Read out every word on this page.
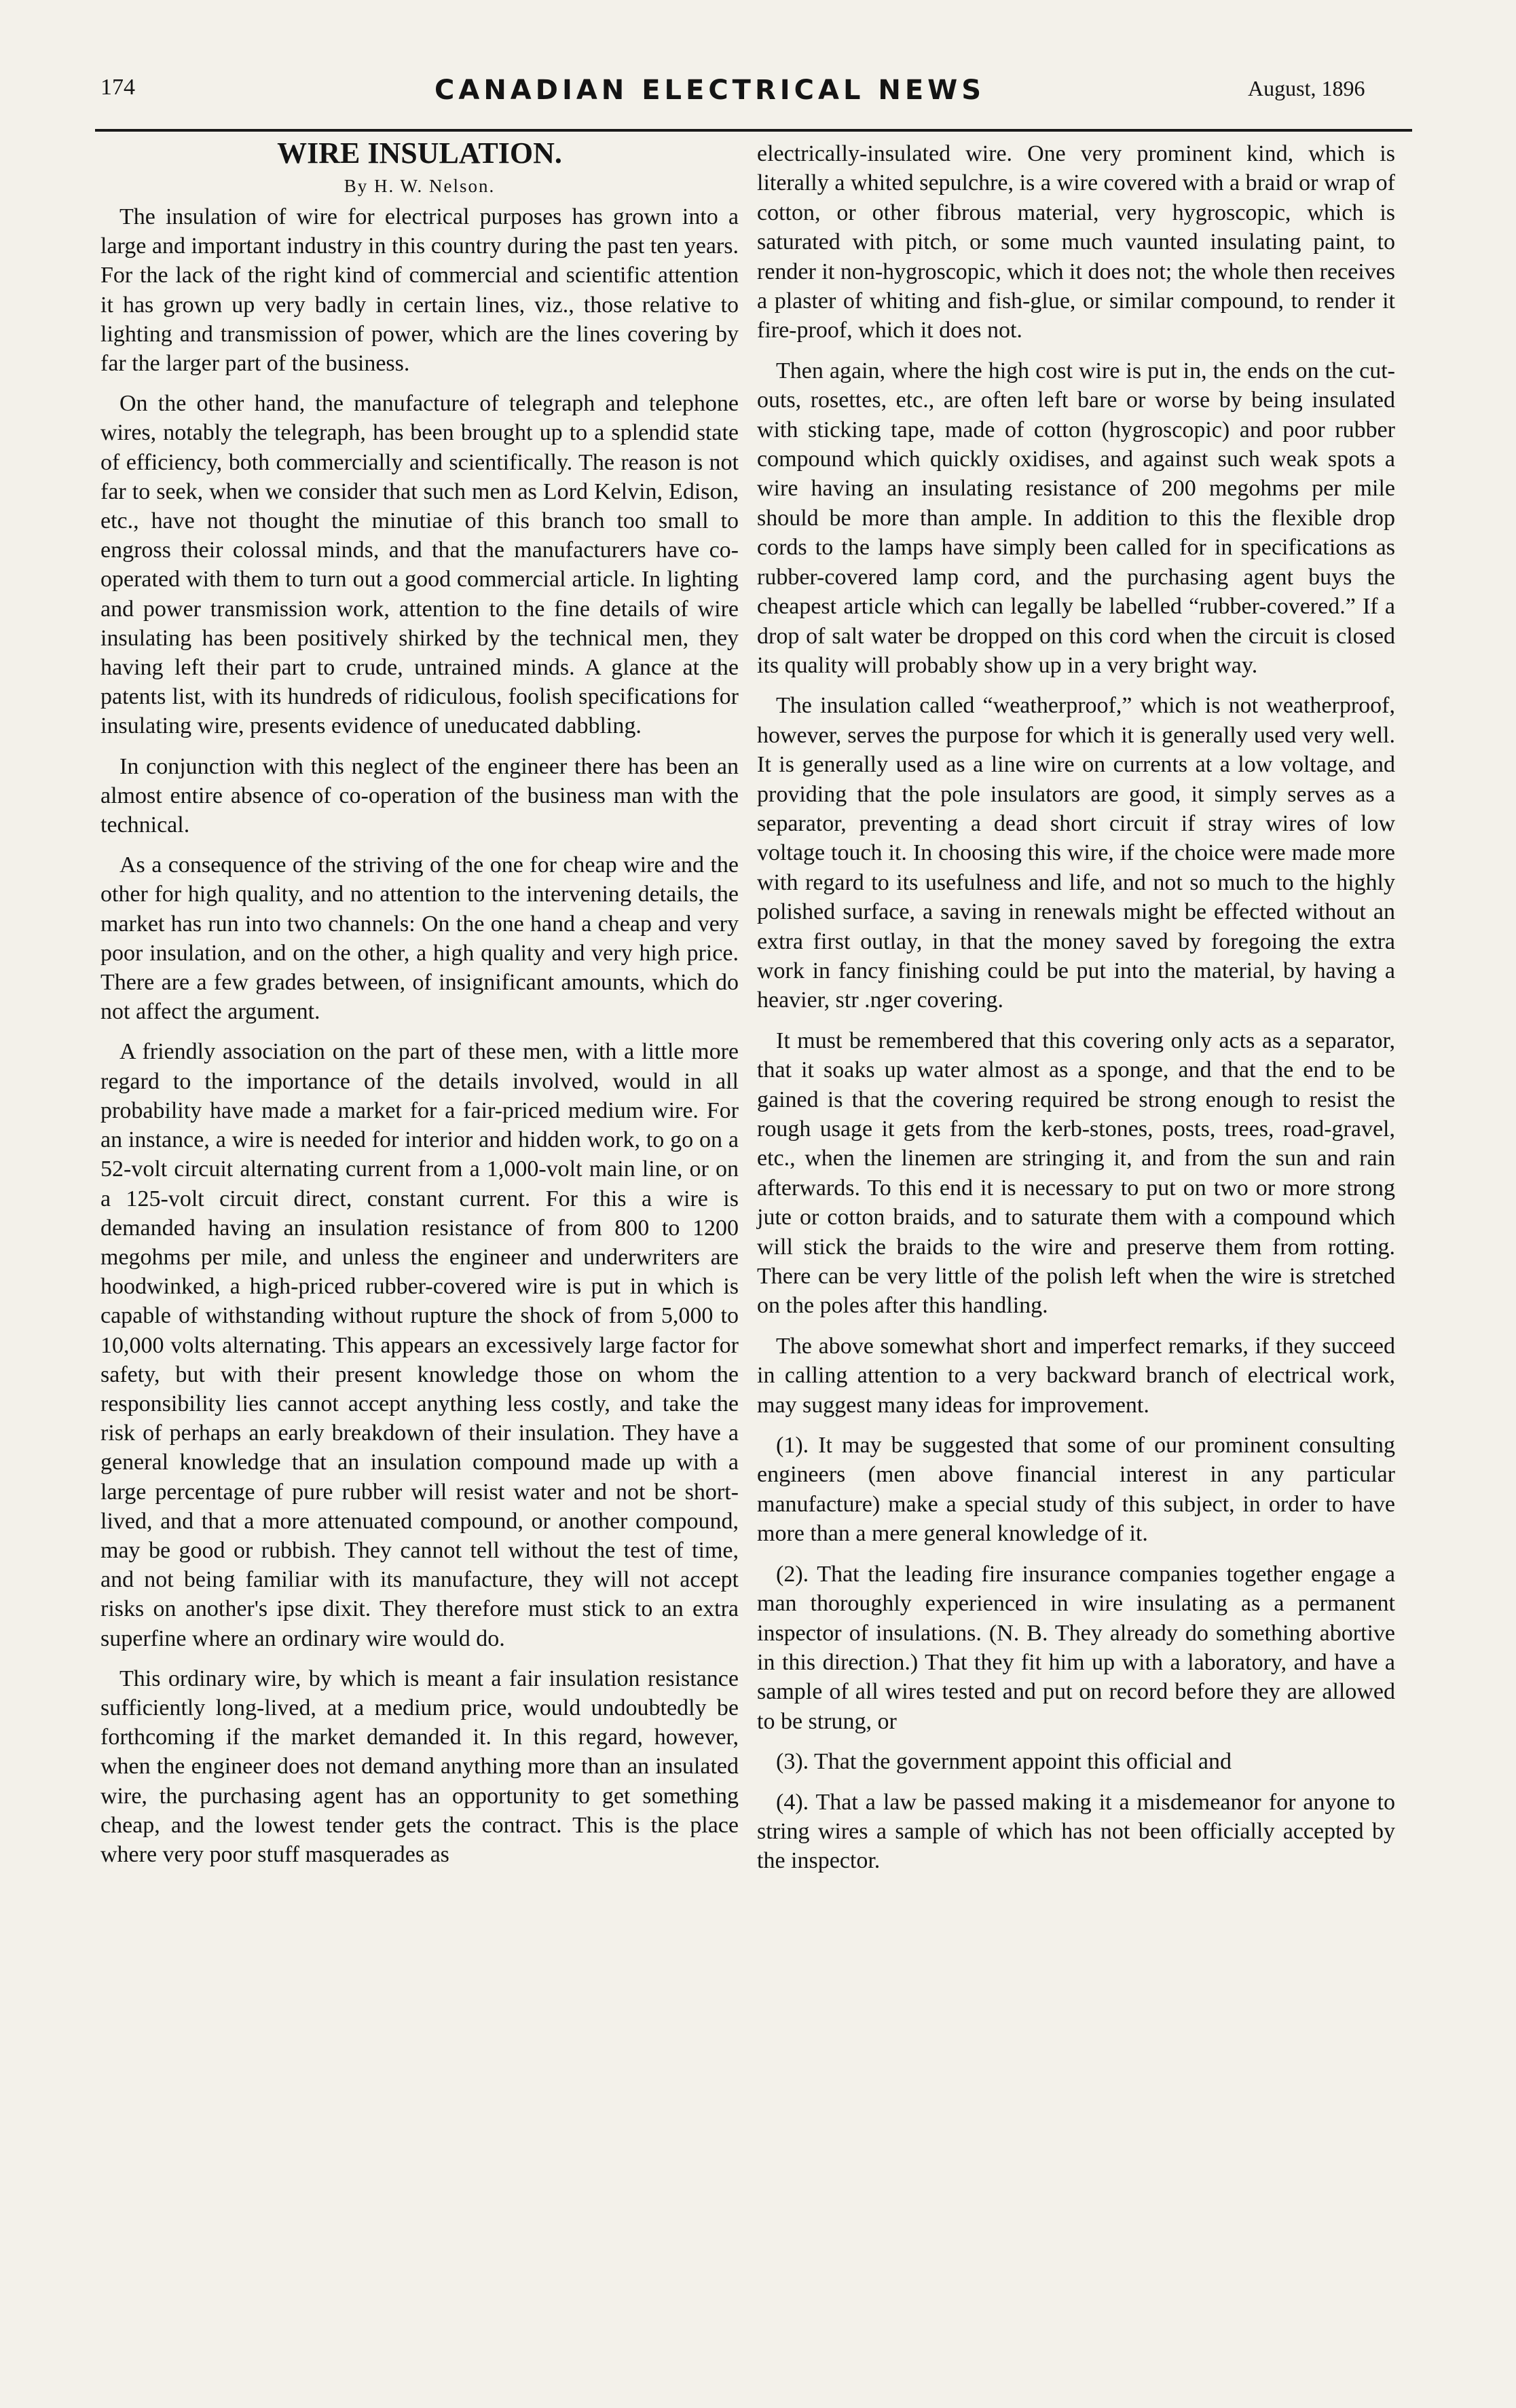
174	CANADIAN ELECTRICAL NEWS	August, 1896
WIRE INSULATION.
By H. W. Nelson.

The insulation of wire for electrical purposes has grown into a large and important industry in this country during the past ten years. For the lack of the right kind of commercial and scientific attention it has grown up very badly in certain lines, viz., those relative to lighting and transmission of power, which are the lines covering by far the larger part of the business.

On the other hand, the manufacture of telegraph and telephone wires, notably the telegraph, has been brought up to a splendid state of efficiency, both commercially and scientifically. The reason is not far to seek, when we consider that such men as Lord Kelvin, Edison, etc., have not thought the minutiae of this branch too small to engross their colossal minds, and that the manufacturers have co-operated with them to turn out a good commercial article. In lighting and power transmission work, attention to the fine details of wire insulating has been positively shirked by the technical men, they having left their part to crude, untrained minds. A glance at the patents list, with its hundreds of ridiculous, foolish specifications for insulating wire, presents evidence of uneducated dabbling.

In conjunction with this neglect of the engineer there has been an almost entire absence of co-operation of the business man with the technical.

As a consequence of the striving of the one for cheap wire and the other for high quality, and no attention to the intervening details, the market has run into two channels: On the one hand a cheap and very poor insulation, and on the other, a high quality and very high price. There are a few grades between, of insignificant amounts, which do not affect the argument.

A friendly association on the part of these men, with a little more regard to the importance of the details involved, would in all probability have made a market for a fair-priced medium wire. For an instance, a wire is needed for interior and hidden work, to go on a 52-volt circuit alternating current from a 1,000-volt main line, or on a 125-volt circuit direct, constant current. For this a wire is demanded having an insulation resistance of from 800 to 1200 megohms per mile, and unless the engineer and underwriters are hoodwinked, a high-priced rubber-covered wire is put in which is capable of withstanding without rupture the shock of from 5,000 to 10,000 volts alternating. This appears an excessively large factor for safety, but with their present knowledge those on whom the responsibility lies cannot accept anything less costly, and take the risk of perhaps an early breakdown of their insulation. They have a general knowledge that an insulation compound made up with a large percentage of pure rubber will resist water and not be short-lived, and that a more attenuated compound, or another compound, may be good or rubbish. They cannot tell without the test of time, and not being familiar with its manufacture, they will not accept risks on another's ipse dixit. They therefore must stick to an extra superfine where an ordinary wire would do.

This ordinary wire, by which is meant a fair insulation resistance sufficiently long-lived, at a medium price, would undoubtedly be forthcoming if the market demanded it. In this regard, however, when the engineer does not demand anything more than an insulated wire, the purchasing agent has an opportunity to get something cheap, and the lowest tender gets the contract. This is the place where very poor stuff masquerades as

electrically-insulated wire. One very prominent kind, which is literally a whited sepulchre, is a wire covered with a braid or wrap of cotton, or other fibrous material, very hygroscopic, which is saturated with pitch, or some much vaunted insulating paint, to render it non-hygroscopic, which it does not; the whole then receives a plaster of whiting and fish-glue, or similar compound, to render it fire-proof, which it does not.

Then again, where the high cost wire is put in, the ends on the cut-outs, rosettes, etc., are often left bare or worse by being insulated with sticking tape, made of cotton (hygroscopic) and poor rubber compound which quickly oxidises, and against such weak spots a wire having an insulating resistance of 200 megohms per mile should be more than ample. In addition to this the flexible drop cords to the lamps have simply been called for in specifications as rubber-covered lamp cord, and the purchasing agent buys the cheapest article which can legally be labelled “rubber-covered.” If a drop of salt water be dropped on this cord when the circuit is closed its quality will probably show up in a very bright way.

The insulation called “weatherproof,” which is not weatherproof, however, serves the purpose for which it is generally used very well. It is generally used as a line wire on currents at a low voltage, and providing that the pole insulators are good, it simply serves as a separator, preventing a dead short circuit if stray wires of low voltage touch it. In choosing this wire, if the choice were made more with regard to its usefulness and life, and not so much to the highly polished surface, a saving in renewals might be effected without an extra first outlay, in that the money saved by foregoing the extra work in fancy finishing could be put into the material, by having a heavier, str .nger covering.

It must be remembered that this covering only acts as a separator, that it soaks up water almost as a sponge, and that the end to be gained is that the covering required be strong enough to resist the rough usage it gets from the kerb-stones, posts, trees, road-gravel, etc., when the linemen are stringing it, and from the sun and rain afterwards. To this end it is necessary to put on two or more strong jute or cotton braids, and to saturate them with a compound which will stick the braids to the wire and preserve them from rotting. There can be very little of the polish left when the wire is stretched on the poles after this handling.

The above somewhat short and imperfect remarks, if they succeed in calling attention to a very backward branch of electrical work, may suggest many ideas for improvement.

(1). It may be suggested that some of our prominent consulting engineers (men above financial interest in any particular manufacture) make a special study of this subject, in order to have more than a mere general knowledge of it.

(2). That the leading fire insurance companies together engage a man thoroughly experienced in wire insulating as a permanent inspector of insulations. (N. B. They already do something abortive in this direction.) That they fit him up with a laboratory, and have a sample of all wires tested and put on record before they are allowed to be strung, or

(3). That the government appoint this official and

(4). That a law be passed making it a misdemeanor for anyone to string wires a sample of which has not been officially accepted by the inspector.
